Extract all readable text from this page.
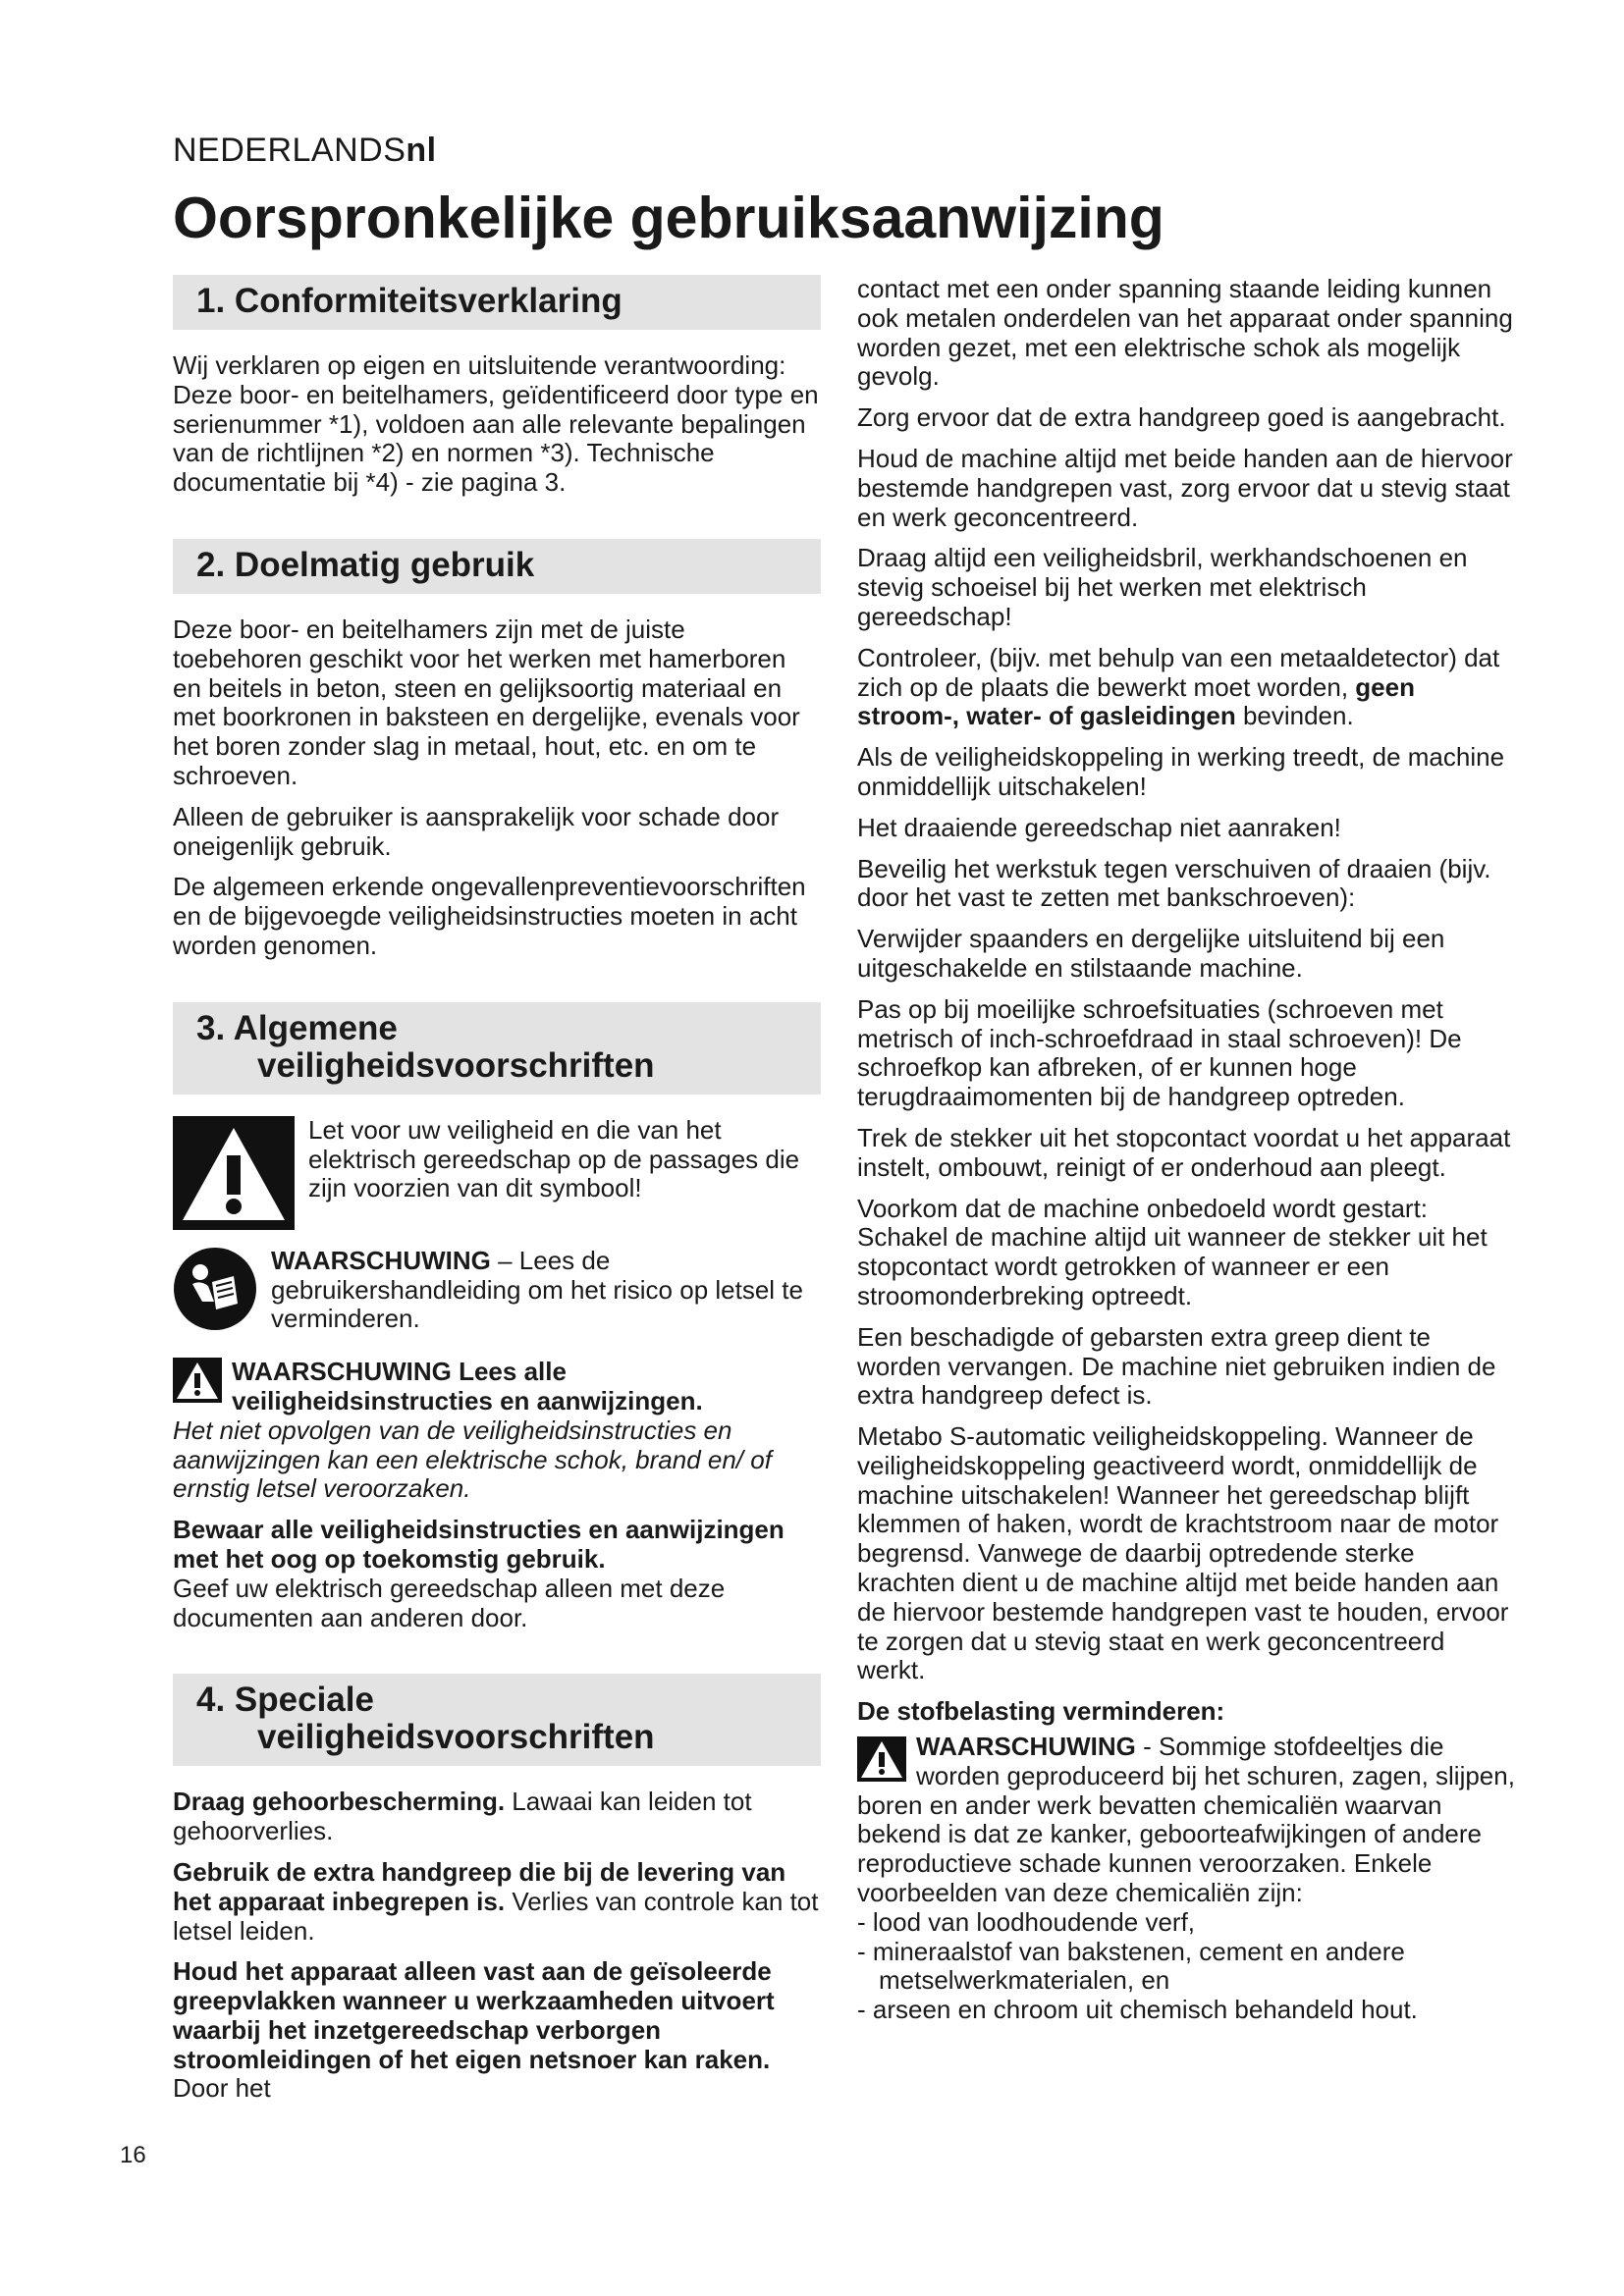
NEDERLANDSnl
Oorspronkelijke gebruiksaanwijzing
1. Conformiteitsverklaring

Wij verklaren op eigen en uitsluitende verantwoording: Deze boor- en beitelhamers, geïdentificeerd door type en serienummer *1), voldoen aan alle relevante bepalingen van de richtlijnen *2) en normen *3). Technische documentatie bij *4) - zie pagina 3.

2. Doelmatig gebruik

Deze boor- en beitelhamers zijn met de juiste toebehoren geschikt voor het werken met hamerboren en beitels in beton, steen en gelijksoortig materiaal en met boorkronen in baksteen en dergelijke, evenals voor het boren zonder slag in metaal, hout, etc. en om te schroeven.

Alleen de gebruiker is aansprakelijk voor schade door oneigenlijk gebruik.

De algemeen erkende ongevallenpreventievoorschriften en de bijgevoegde veiligheidsinstructies moeten in acht worden genomen.

3. Algemene
veiligheidsvoorschriften

Let voor uw veiligheid en die van het elektrisch gereedschap op de passages die zijn voorzien van dit symbool!

WAARSCHUWING – Lees de gebruikershandleiding om het risico op letsel te verminderen.

WAARSCHUWING Lees alle veiligheidsinstructies en aanwijzingen.

Het niet opvolgen van de veiligheidsinstructies en aanwijzingen kan een elektrische schok, brand en/ of ernstig letsel veroorzaken.

Bewaar alle veiligheidsinstructies en aanwijzingen met het oog op toekomstig gebruik.

Geef uw elektrisch gereedschap alleen met deze documenten aan anderen door.

4. Speciale
veiligheidsvoorschriften

Draag gehoorbescherming. Lawaai kan leiden tot gehoorverlies.

Gebruik de extra handgreep die bij de levering van het apparaat inbegrepen is. Verlies van controle kan tot letsel leiden.

Houd het apparaat alleen vast aan de geïsoleerde greepvlakken wanneer u werkzaamheden uitvoert waarbij het inzetgereedschap verborgen stroomleidingen of het eigen netsnoer kan raken. Door het

contact met een onder spanning staande leiding kunnen ook metalen onderdelen van het apparaat onder spanning worden gezet, met een elektrische schok als mogelijk gevolg.

Zorg ervoor dat de extra handgreep goed is aangebracht.

Houd de machine altijd met beide handen aan de hiervoor bestemde handgrepen vast, zorg ervoor dat u stevig staat en werk geconcentreerd.

Draag altijd een veiligheidsbril, werkhandschoenen en stevig schoeisel bij het werken met elektrisch gereedschap!

Controleer, (bijv. met behulp van een metaaldetector) dat zich op de plaats die bewerkt moet worden, geen stroom-, water- of gasleidingen bevinden.

Als de veiligheidskoppeling in werking treedt, de machine onmiddellijk uitschakelen!

Het draaiende gereedschap niet aanraken!

Beveilig het werkstuk tegen verschuiven of draaien (bijv. door het vast te zetten met bankschroeven):

Verwijder spaanders en dergelijke uitsluitend bij een uitgeschakelde en stilstaande machine.

Pas op bij moeilijke schroefsituaties (schroeven met metrisch of inch-schroefdraad in staal schroeven)! De schroefkop kan afbreken, of er kunnen hoge terugdraaimomenten bij de handgreep optreden.

Trek de stekker uit het stopcontact voordat u het apparaat instelt, ombouwt, reinigt of er onderhoud aan pleegt.

Voorkom dat de machine onbedoeld wordt gestart: Schakel de machine altijd uit wanneer de stekker uit het stopcontact wordt getrokken of wanneer er een stroomonderbreking optreedt.

Een beschadigde of gebarsten extra greep dient te worden vervangen. De machine niet gebruiken indien de extra handgreep defect is.

Metabo S-automatic veiligheidskoppeling. Wanneer de veiligheidskoppeling geactiveerd wordt, onmiddellijk de machine uitschakelen! Wanneer het gereedschap blijft klemmen of haken, wordt de krachtstroom naar de motor begrensd. Vanwege de daarbij optredende sterke krachten dient u de machine altijd met beide handen aan de hiervoor bestemde handgrepen vast te houden, ervoor te zorgen dat u stevig staat en werk geconcentreerd werkt.

De stofbelasting verminderen:

WAARSCHUWING - Sommige stofdeeltjes die worden geproduceerd bij het schuren, zagen, slijpen, boren en ander werk bevatten chemicaliën waarvan bekend is dat ze kanker, geboorteafwijkingen of andere reproductieve schade kunnen veroorzaken. Enkele voorbeelden van deze chemicaliën zijn:

- lood van loodhoudende verf,
- mineraalstof van bakstenen, cement en andere metselwerkmaterialen, en
- arseen en chroom uit chemisch behandeld hout.
16
